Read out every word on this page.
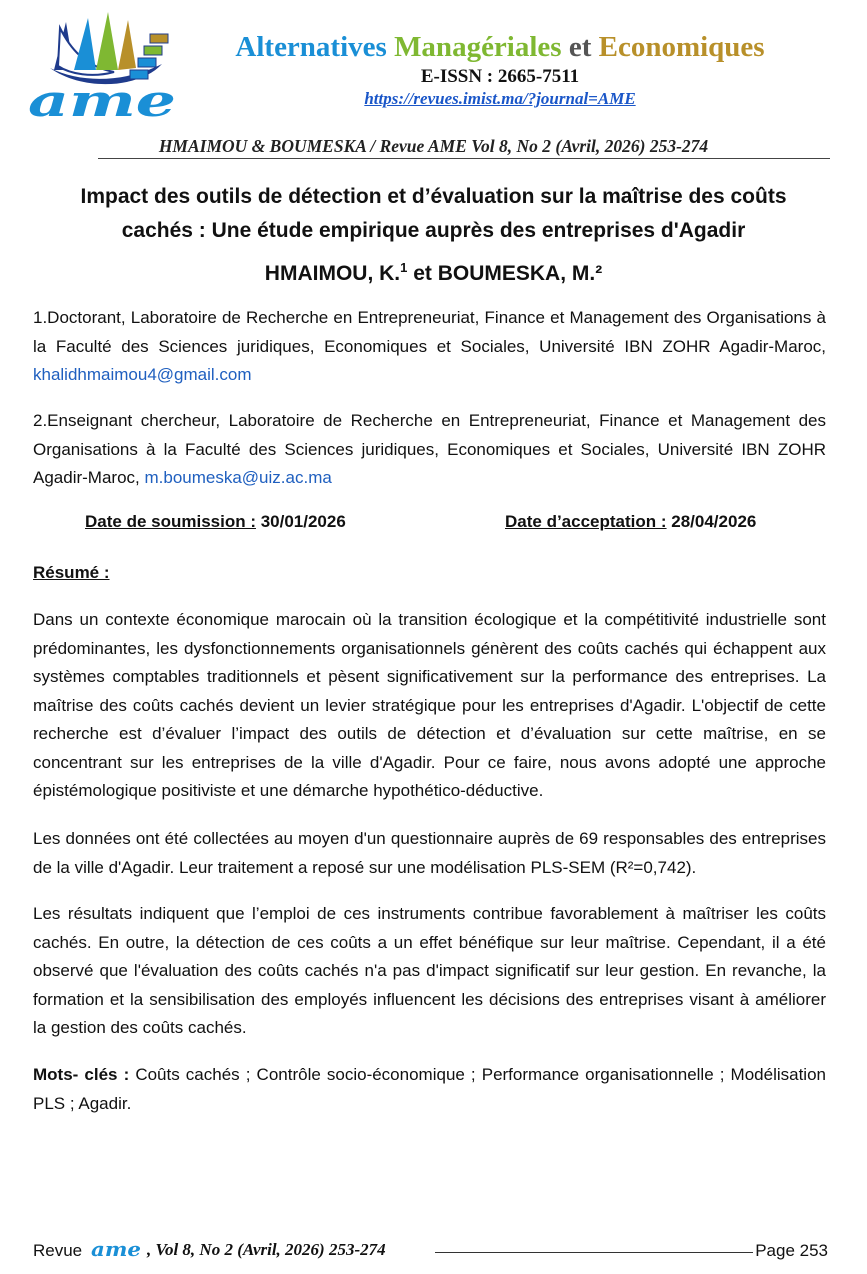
ame
Alternatives Managériales et Economiques
E-ISSN : 2665-7511
https://revues.imist.ma/?journal=AME
HMAIMOU & BOUMESKA / Revue AME Vol 8, No 2 (Avril, 2026) 253-274
Impact des outils de détection et d’évaluation sur la maîtrise des coûts
cachés : Une étude empirique auprès des entreprises d'Agadir

HMAIMOU, K.$^1$ et BOUMESKA, M.²

1.Doctorant, Laboratoire de Recherche en Entrepreneuriat, Finance et Management des Organisations à la Faculté des Sciences juridiques, Economiques et Sociales, Université IBN ZOHR Agadir-Maroc, khalidhmaimou4@gmail.com
2.Enseignant chercheur, Laboratoire de Recherche en Entrepreneuriat, Finance et Management des Organisations à la Faculté des Sciences juridiques, Economiques et Sociales, Université IBN ZOHR Agadir-Maroc, m.boumeska@uiz.ac.ma
Date de soumission : 30/01/2026	Date d’acceptation : 28/04/2026
Résumé :
Dans un contexte économique marocain où la transition écologique et la compétitivité industrielle sont prédominantes, les dysfonctionnements organisationnels génèrent des coûts cachés qui échappent aux systèmes comptables traditionnels et pèsent significativement sur la performance des entreprises. La maîtrise des coûts cachés devient un levier stratégique pour les entreprises d'Agadir. L'objectif de cette recherche est d’évaluer l’impact des outils de détection et d’évaluation sur cette maîtrise, en se concentrant sur les entreprises de la ville d'Agadir. Pour ce faire, nous avons adopté une approche épistémologique positiviste et une démarche hypothético-déductive.
Les données ont été collectées au moyen d'un questionnaire auprès de 69 responsables des entreprises de la ville d'Agadir. Leur traitement a reposé sur une modélisation PLS-SEM (R²=0,742).
Les résultats indiquent que l’emploi de ces instruments contribue favorablement à maîtriser les coûts cachés. En outre, la détection de ces coûts a un effet bénéfique sur leur maîtrise. Cependant, il a été observé que l'évaluation des coûts cachés n'a pas d'impact significatif sur leur gestion. En revanche, la formation et la sensibilisation des employés influencent les décisions des entreprises visant à améliorer la gestion des coûts cachés.
Mots- clés : Coûts cachés ; Contrôle socio-économique ; Performance organisationnelle ; Modélisation PLS ; Agadir.
Revue ame , Vol 8, No 2 (Avril, 2026) 253-274	Page 253
